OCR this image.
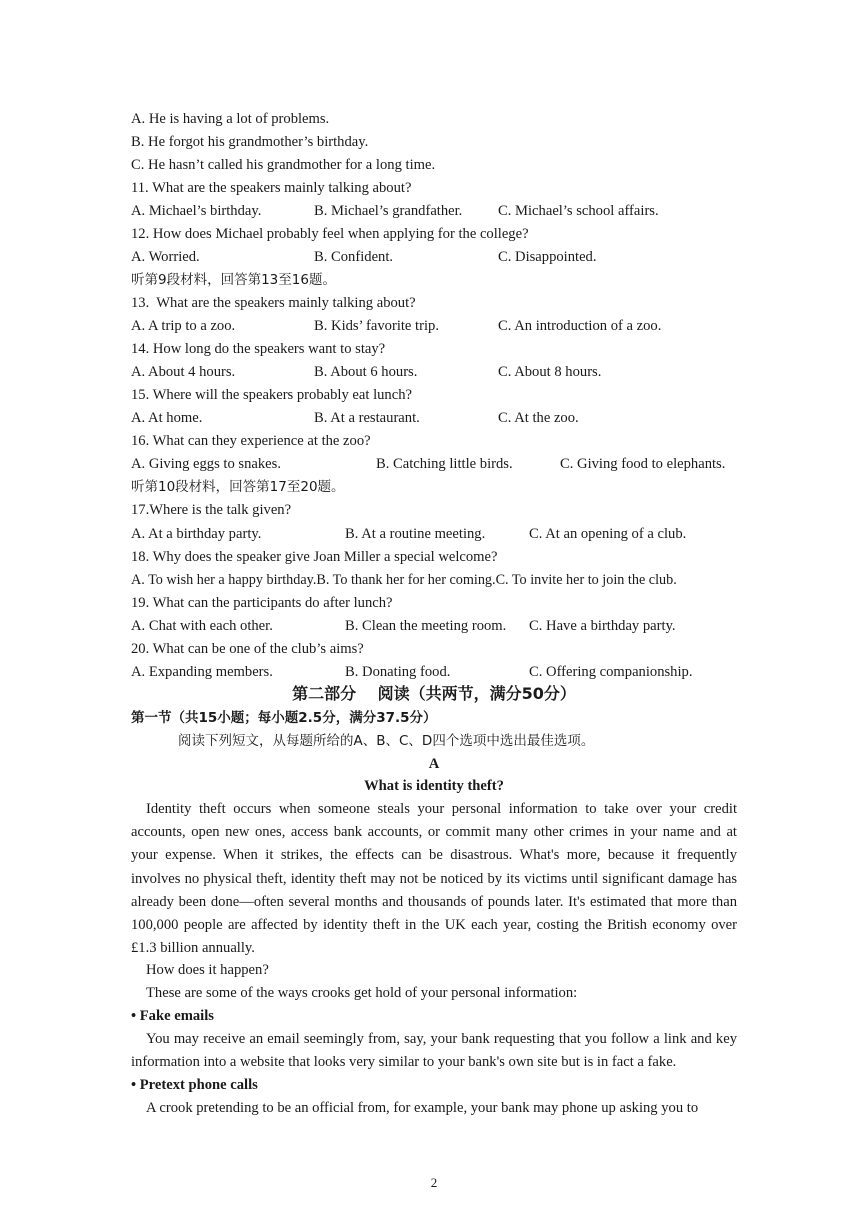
A. He is having a lot of problems.
B. He forgot his grandmother’s birthday.
C. He hasn’t called his grandmother for a long time.
11. What are the speakers mainly talking about?
A. Michael’s birthday.	B. Michael’s grandfather. C. Michael’s school affairs.
12. How does Michael probably feel when applying for the college?
A. Worried.	B. Confident.	C. Disappointed.
听第9段材料，回答第13至16题。
13.  What are the speakers mainly talking about?
A. A trip to a zoo.	B. Kids’ favorite trip.	C. An introduction of a zoo.
14. How long do the speakers want to stay?
A. About 4 hours.	B. About 6 hours.	C. About 8 hours.
15. Where will the speakers probably eat lunch?
A. At home.	B. At a restaurant.	C. At the zoo.
16. What can they experience at the zoo?
A. Giving eggs to snakes.	B. Catching little birds.	C. Giving food to elephants.
听第10段材料，回答第17至20题。
17.Where is the talk given?
A. At a birthday party.	B. At a routine meeting.	C. At an opening of a club.
18. Why does the speaker give Joan Miller a special welcome?
A. To wish her a happy birthday.B. To thank her for her coming.C. To invite her to join the club.
19. What can the participants do after lunch?
A. Chat with each other.	B. Clean the meeting room. C. Have a birthday party.
20. What can be one of the club’s aims?
A. Expanding members.	B. Donating food.	C. Offering companionship.
第二部分　 阅读（共两节，满分50分）
第一节（共15小题；每小题2.5分，满分37.5分）
阅读下列短文，从每题所给的A、B、C、D四个选项中选出最佳选项。
A
What is identity theft?
Identity theft occurs when someone steals your personal information to take over your credit accounts, open new ones, access bank accounts, or commit many other crimes in your name and at your expense. When it strikes, the effects can be disastrous. What's more, because it frequently involves no physical theft, identity theft may not be noticed by its victims until significant damage has already been done—often several months and thousands of pounds later. It's estimated that more than 100,000 people are affected by identity theft in the UK each year, costing the British economy over £1.3 billion annually.
How does it happen?
These are some of the ways crooks get hold of your personal information:
• Fake emails
You may receive an email seemingly from, say, your bank requesting that you follow a link and key information into a website that looks very similar to your bank's own site but is in fact a fake.
• Pretext phone calls
A crook pretending to be an official from, for example, your bank may phone up asking you to
2
